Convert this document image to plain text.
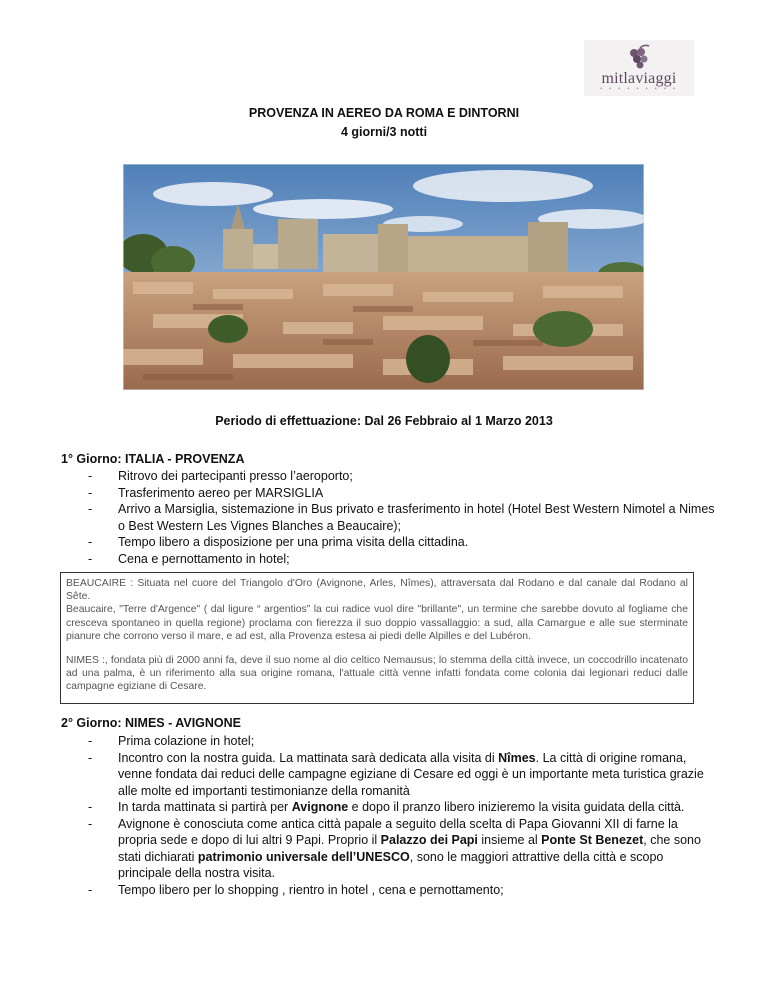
mitlaviaggi
• • • • • • • • •
PROVENZA IN AEREO DA ROMA E DINTORNI
4 giorni/3 notti
Periodo di effettuazione: Dal 26 Febbraio al 1 Marzo 2013
1° Giorno: ITALIA - PROVENZA
- Ritrovo dei partecipanti presso l’aeroporto;
- Trasferimento aereo per MARSIGLIA
- Arrivo a Marsiglia, sistemazione in Bus privato e trasferimento in hotel (Hotel Best Western Nimotel a Nimes o Best Western Les Vignes Blanches a Beaucaire);
- Tempo libero a disposizione per una prima visita della cittadina.
- Cena e pernottamento in hotel;

BEAUCAIRE : Situata nel cuore del Triangolo d'Oro (Avignone, Arles, Nîmes), attraversata dal Rodano e dal canale dal Rodano al Sête.

Beaucaire, "Terre d'Argence" ( dal ligure “ argentios” la cui radice vuol dire "brillante", un termine che sarebbe dovuto al fogliame che cresceva spontaneo in quella regione) proclama con fierezza il suo doppio vassallaggio: a sud, alla Camargue e alle sue sterminate pianure che corrono verso il mare, e ad est, alla Provenza estesa ai piedi delle Alpilles e del Lubéron.

NIMES :, fondata più di 2000 anni fa, deve il suo nome al dio celtico Nemausus; lo stemma della città invece, un coccodrillo incatenato ad una palma, è un riferimento alla sua origine romana, l'attuale città venne infatti fondata come colonia dai legionari reduci dalle campagne egiziane di Cesare.

2° Giorno: NIMES - AVIGNONE
- Prima colazione in hotel;
- Incontro con la nostra guida. La mattinata sarà dedicata alla visita di Nîmes. La città di origine romana, venne fondata dai reduci delle campagne egiziane di Cesare ed oggi è un importante meta turistica grazie alle molte ed importanti testimonianze della romanità
- In tarda mattinata si partirà per Avignone e dopo il pranzo libero inizieremo la visita guidata della città.
- Avignone è conosciuta come antica città papale a seguito della scelta di Papa Giovanni XII di farne la propria sede e dopo di lui altri 9 Papi. Proprio il Palazzo dei Papi insieme al Ponte St Benezet, che sono stati dichiarati patrimonio universale dell’UNESCO, sono le maggiori attrattive della città e scopo principale della nostra visita.
- Tempo libero per lo shopping , rientro in hotel , cena e pernottamento;
